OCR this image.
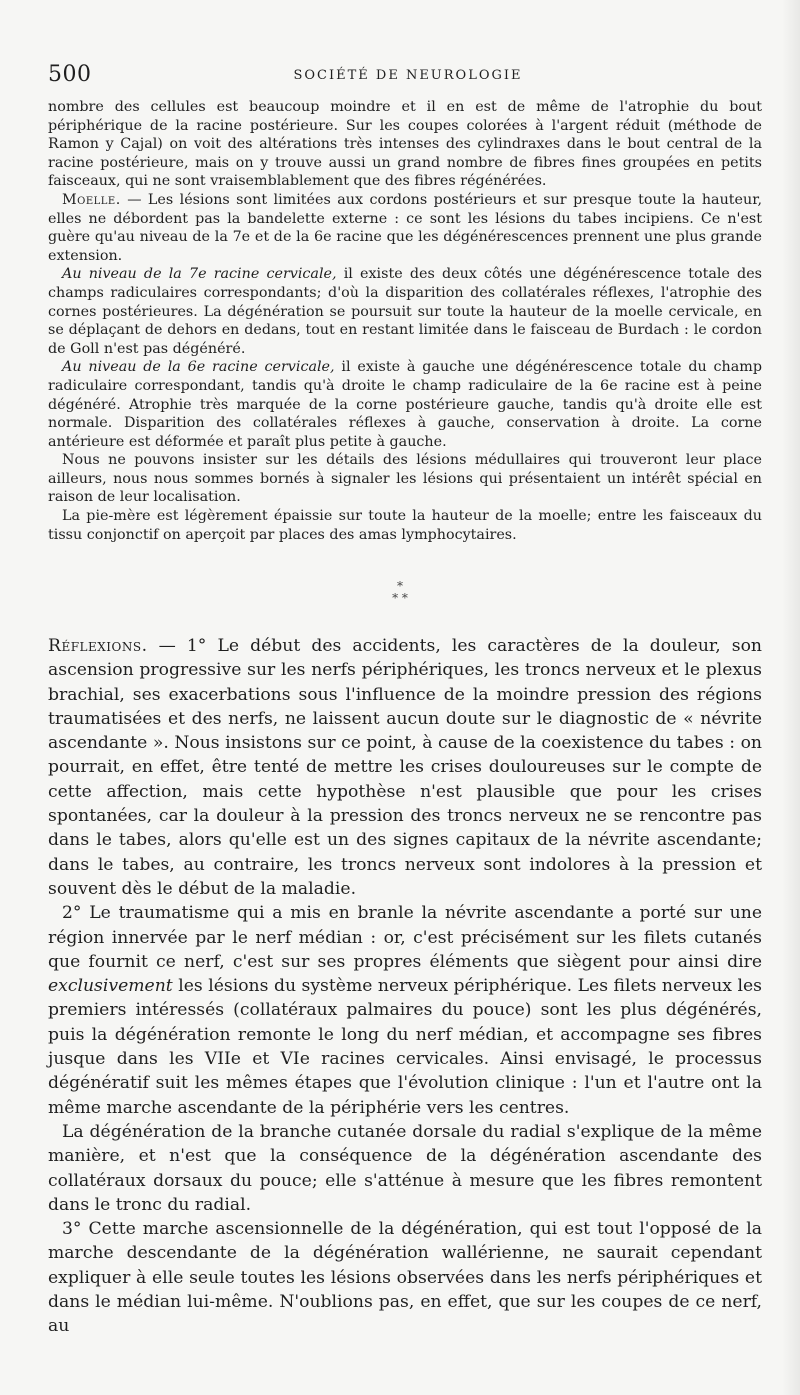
500	SOCIÉTÉ DE NEUROLOGIE

nombre des cellules est beaucoup moindre et il en est de même de l'atrophie du bout périphérique de la racine postérieure. Sur les coupes colorées à l'argent réduit (méthode de Ramon y Cajal) on voit des altérations très intenses des cylindraxes dans le bout central de la racine postérieure, mais on y trouve aussi un grand nombre de fibres fines groupées en petits faisceaux, qui ne sont vraisemblablement que des fibres régénérées.

Moelle. — Les lésions sont limitées aux cordons postérieurs et sur presque toute la hauteur, elles ne débordent pas la bandelette externe : ce sont les lésions du tabes incipiens. Ce n'est guère qu'au niveau de la 7e et de la 6e racine que les dégénérescences prennent une plus grande extension.

Au niveau de la 7e racine cervicale, il existe des deux côtés une dégénérescence totale des champs radiculaires correspondants; d'où la disparition des collatérales réflexes, l'atrophie des cornes postérieures. La dégénération se poursuit sur toute la hauteur de la moelle cervicale, en se déplaçant de dehors en dedans, tout en restant limitée dans le faisceau de Burdach : le cordon de Goll n'est pas dégénéré.

Au niveau de la 6e racine cervicale, il existe à gauche une dégénérescence totale du champ radiculaire correspondant, tandis qu'à droite le champ radiculaire de la 6e racine est à peine dégénéré. Atrophie très marquée de la corne postérieure gauche, tandis qu'à droite elle est normale. Disparition des collatérales réflexes à gauche, conservation à droite. La corne antérieure est déformée et paraît plus petite à gauche.

Nous ne pouvons insister sur les détails des lésions médullaires qui trouveront leur place ailleurs, nous nous sommes bornés à signaler les lésions qui présentaient un intérêt spécial en raison de leur localisation.

La pie-mère est légèrement épaissie sur toute la hauteur de la moelle; entre les faisceaux du tissu conjonctif on aperçoit par places des amas lymphocytaires.

*
* *

Réflexions. — 1° Le début des accidents, les caractères de la douleur, son ascension progressive sur les nerfs périphériques, les troncs nerveux et le plexus brachial, ses exacerbations sous l'influence de la moindre pression des régions traumatisées et des nerfs, ne laissent aucun doute sur le diagnostic de « névrite ascendante ». Nous insistons sur ce point, à cause de la coexistence du tabes : on pourrait, en effet, être tenté de mettre les crises douloureuses sur le compte de cette affection, mais cette hypothèse n'est plausible que pour les crises spontanées, car la douleur à la pression des troncs nerveux ne se rencontre pas dans le tabes, alors qu'elle est un des signes capitaux de la névrite ascendante; dans le tabes, au contraire, les troncs nerveux sont indolores à la pression et souvent dès le début de la maladie.

2° Le traumatisme qui a mis en branle la névrite ascendante a porté sur une région innervée par le nerf médian : or, c'est précisément sur les filets cutanés que fournit ce nerf, c'est sur ses propres éléments que siègent pour ainsi dire exclusivement les lésions du système nerveux périphérique. Les filets nerveux les premiers intéressés (collatéraux palmaires du pouce) sont les plus dégénérés, puis la dégénération remonte le long du nerf médian, et accompagne ses fibres jusque dans les VIIe et VIe racines cervicales. Ainsi envisagé, le processus dégénératif suit les mêmes étapes que l'évolution clinique : l'un et l'autre ont la même marche ascendante de la périphérie vers les centres.

La dégénération de la branche cutanée dorsale du radial s'explique de la même manière, et n'est que la conséquence de la dégénération ascendante des collatéraux dorsaux du pouce; elle s'atténue à mesure que les fibres remontent dans le tronc du radial.

3° Cette marche ascensionnelle de la dégénération, qui est tout l'opposé de la marche descendante de la dégénération wallérienne, ne saurait cependant expliquer à elle seule toutes les lésions observées dans les nerfs périphériques et dans le médian lui-même. N'oublions pas, en effet, que sur les coupes de ce nerf, au
